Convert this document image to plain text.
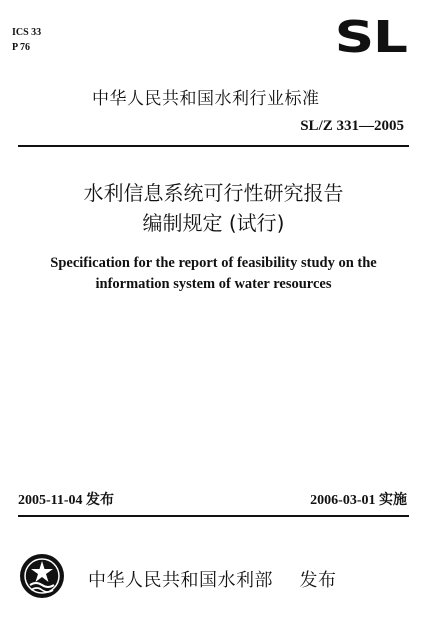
ICS 33
P 76	SL
中华人民共和国水利行业标准
SL/Z 331—2005
水利信息系统可行性研究报告
编制规定 (试行)
Specification for the report of feasibility study on the
information system of water resources
2005-11-04 发布	2006-03-01 实施
中华人民共和国水利部 发布
